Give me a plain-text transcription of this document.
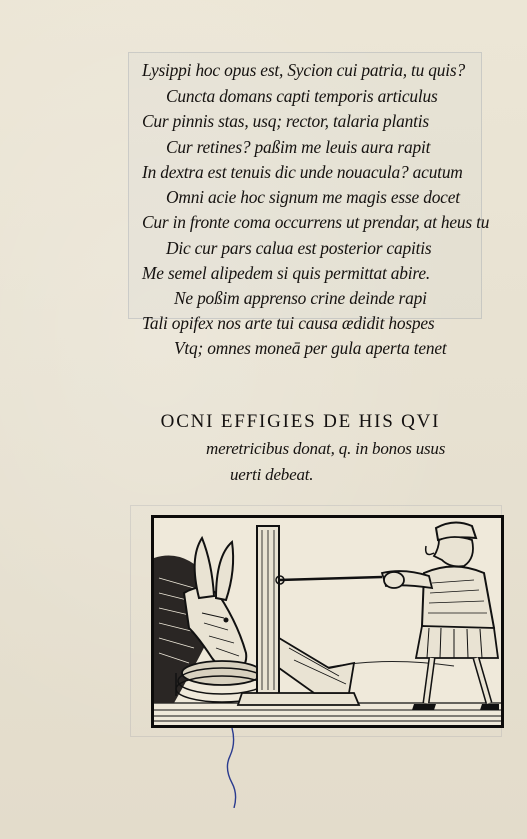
Lysippi hoc opus est, Sycion cui patria, tu quis?
Cuncta domans capti temporis articulus
Cur pinnis stas, usq; rector, talaria plantis
Cur retines? paßim me leuis aura rapit
In dextra est tenuis dic unde nouacula? acutum
Omni acie hoc signum me magis esse docet
Cur in fronte coma occurrens ut prendar, at heus tu
Dic cur pars calua est posterior capitis
Me semel alipedem si quis permittat abire.
Ne poßim apprenso crine deinde rapi
Tali opifex nos arte tui causa ædidit hospes
Vtq; omnes moneā per gula aperta tenet
OCNI EFFIGIES DE HIS QVI
meretricibus donat, q. in bonos usus
uerti debeat.
